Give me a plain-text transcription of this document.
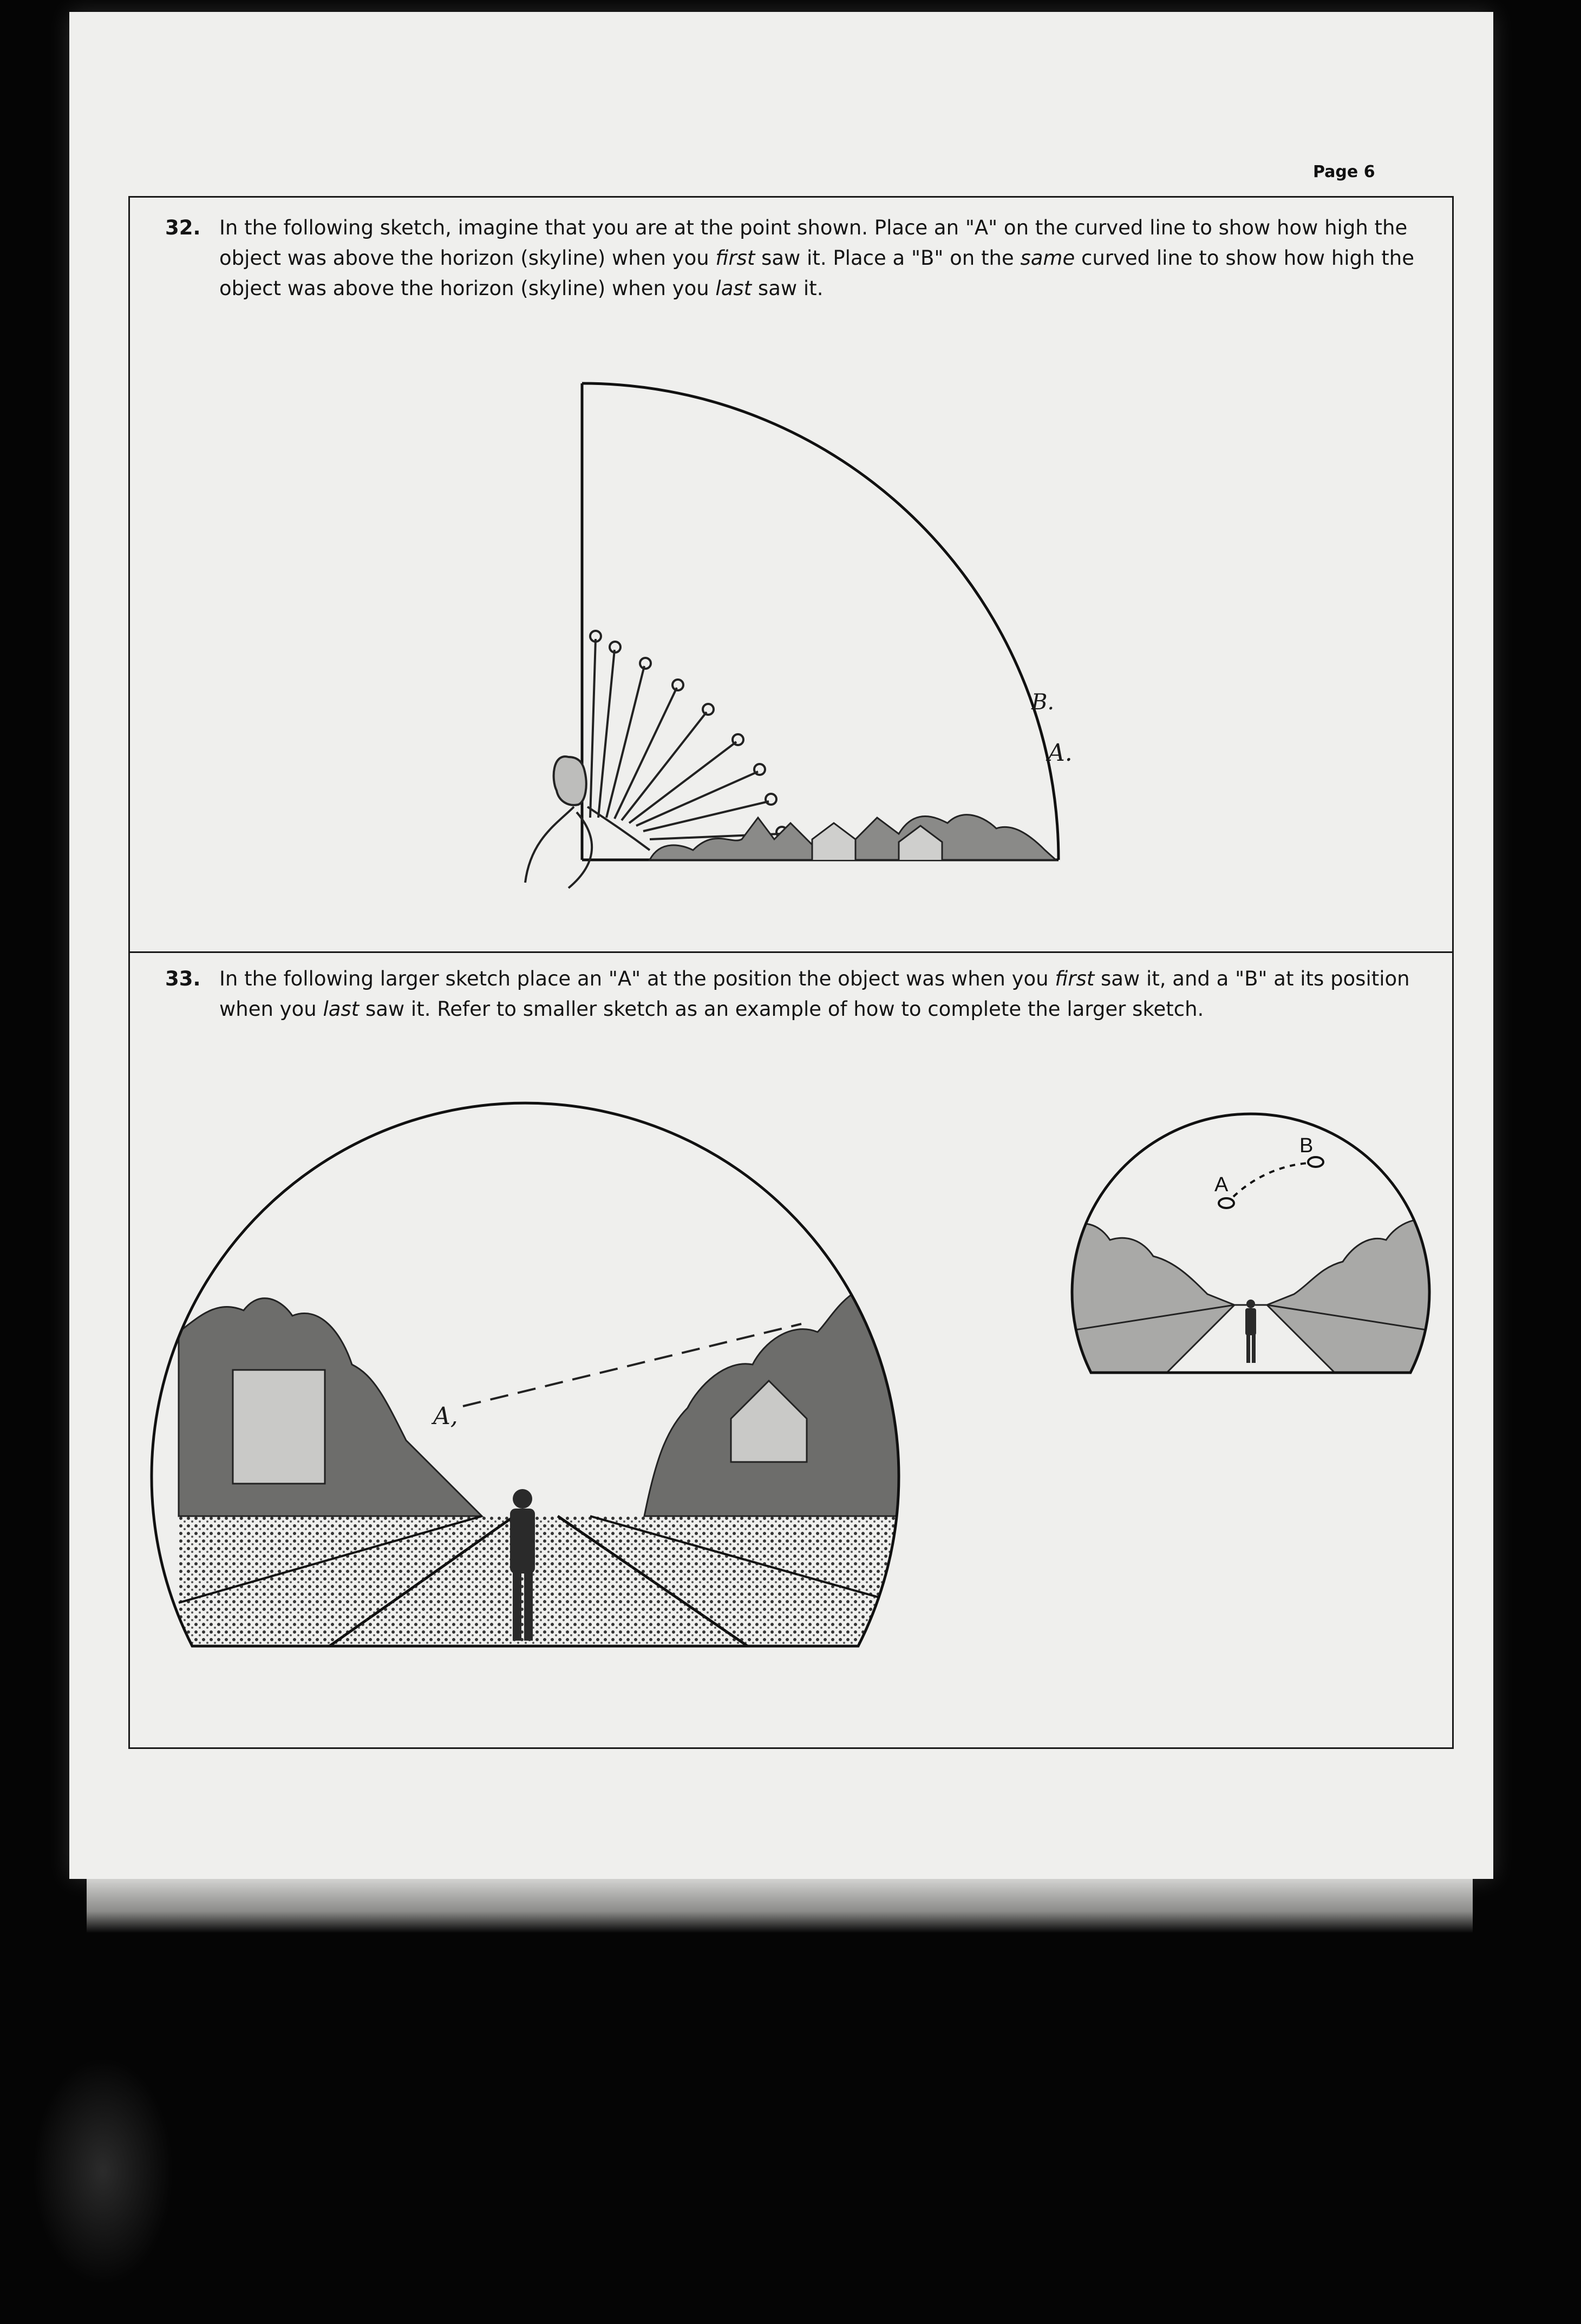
Page 6
32. In the following sketch, imagine that you are at the point shown. Place an "A" on the curved line to show how high the object was above the horizon (skyline) when you first saw it. Place a "B" on the same curved line to show how high the object was above the horizon (skyline) when you last saw it.
B.
A.
33. In the following larger sketch place an "A" at the position the object was when you first saw it, and a "B" at its position when you last saw it. Refer to smaller sketch as an example of how to complete the larger sketch.
A,
A
B
